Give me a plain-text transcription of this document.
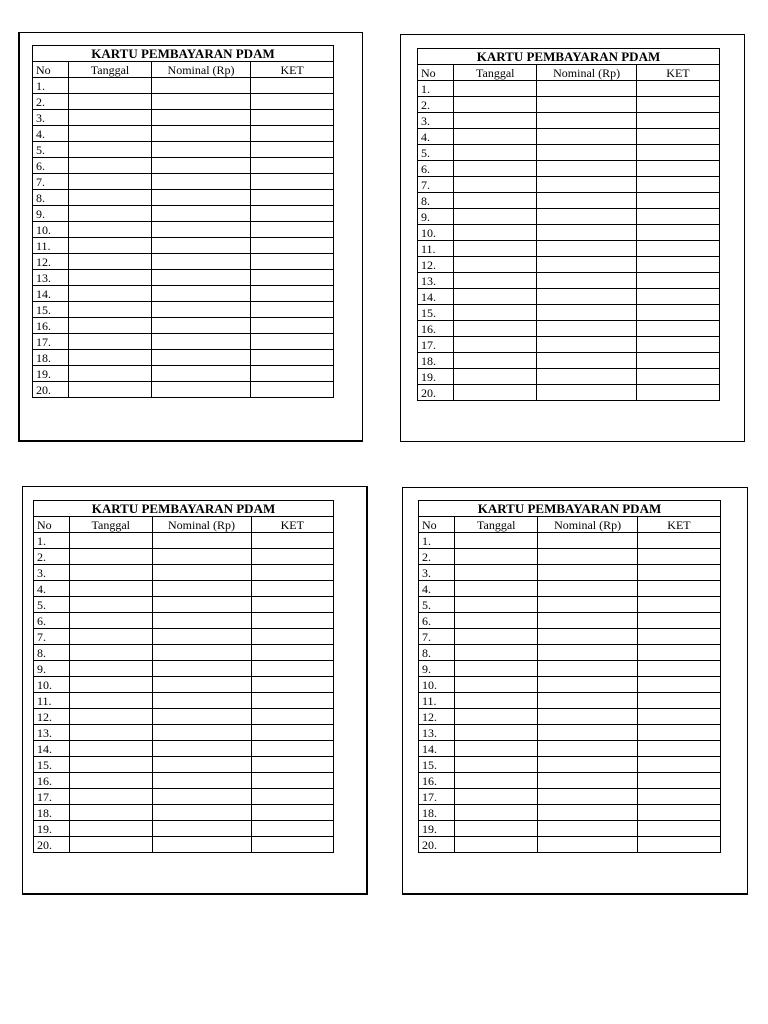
KARTU PEMBAYARAN PDAM			
No	Tanggal	Nominal (Rp)	KET
1.			
2.			
3.			
4.			
5.			
6.			
7.			
8.			
9.			
10.			
11.			
12.			
13.			
14.			
15.			
16.			
17.			
18.			
19.			
20.			
KARTU PEMBAYARAN PDAM			
No	Tanggal	Nominal (Rp)	KET
1.			
2.			
3.			
4.			
5.			
6.			
7.			
8.			
9.			
10.			
11.			
12.			
13.			
14.			
15.			
16.			
17.			
18.			
19.			
20.			
KARTU PEMBAYARAN PDAM			
No	Tanggal	Nominal (Rp)	KET
1.			
2.			
3.			
4.			
5.			
6.			
7.			
8.			
9.			
10.			
11.			
12.			
13.			
14.			
15.			
16.			
17.			
18.			
19.			
20.			
KARTU PEMBAYARAN PDAM			
No	Tanggal	Nominal (Rp)	KET
1.			
2.			
3.			
4.			
5.			
6.			
7.			
8.			
9.			
10.			
11.			
12.			
13.			
14.			
15.			
16.			
17.			
18.			
19.			
20.			
